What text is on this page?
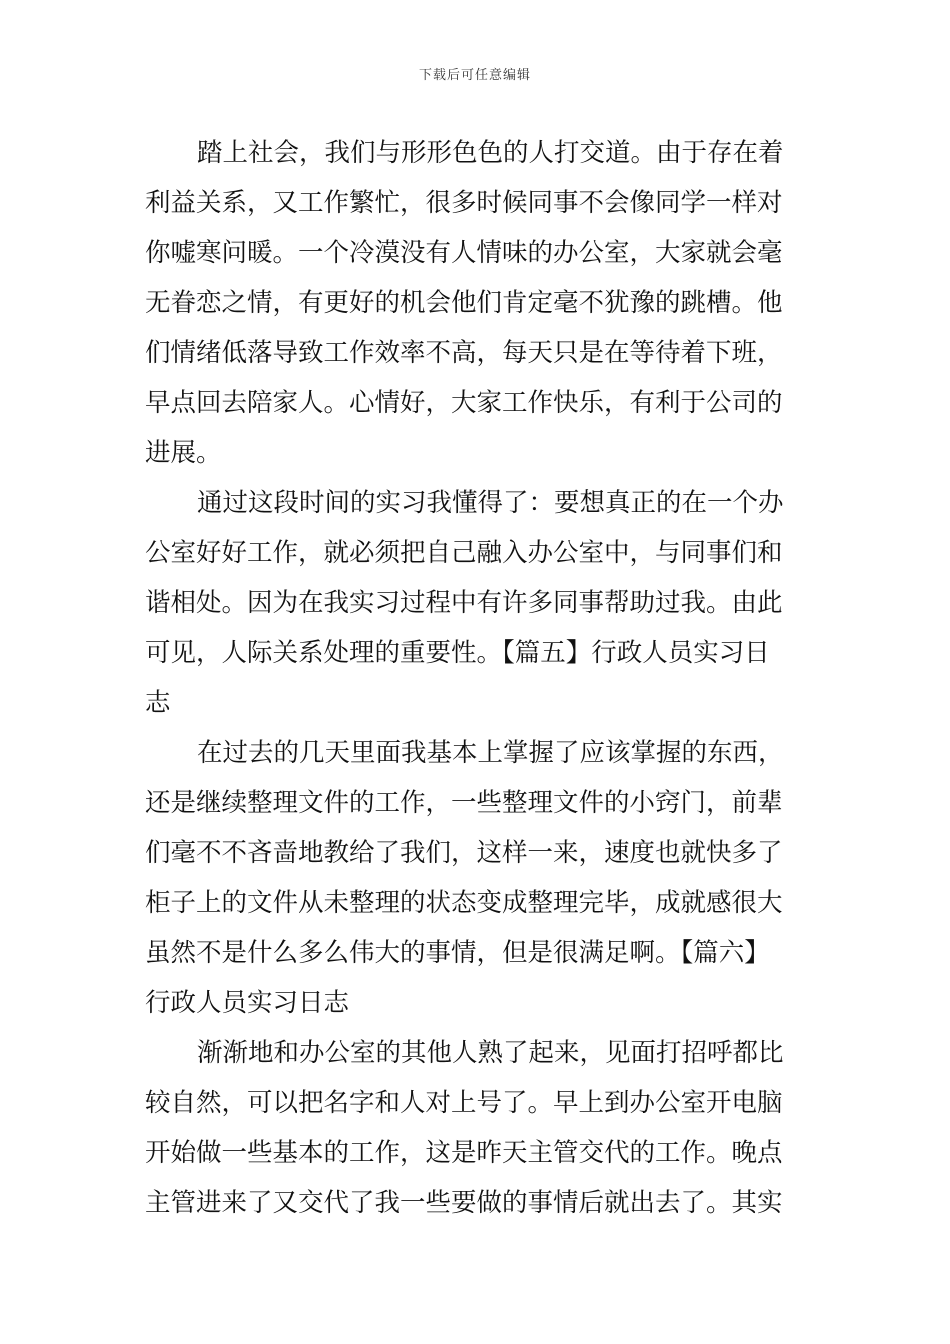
下载后可任意编辑
踏上社会，我们与形形色色的人打交道。由于存在着
利益关系，又工作繁忙，很多时候同事不会像同学一样对
你嘘寒问暖。一个冷漠没有人情味的办公室，大家就会毫
无眷恋之情，有更好的机会他们肯定毫不犹豫的跳槽。他
们情绪低落导致工作效率不高，每天只是在等待着下班，
早点回去陪家人。心情好，大家工作快乐，有利于公司的
进展。
通过这段时间的实习我懂得了：要想真正的在一个办
公室好好工作，就必须把自己融入办公室中，与同事们和
谐相处。因为在我实习过程中有许多同事帮助过我。由此
可见，人际关系处理的重要性。【篇五】行政人员实习日
志
在过去的几天里面我基本上掌握了应该掌握的东西，
还是继续整理文件的工作，一些整理文件的小窍门，前辈
们毫不不吝啬地教给了我们，这样一来，速度也就快多了
柜子上的文件从未整理的状态变成整理完毕，成就感很大
虽然不是什么多么伟大的事情，但是很满足啊。【篇六】
行政人员实习日志
渐渐地和办公室的其他人熟了起来，见面打招呼都比
较自然，可以把名字和人对上号了。早上到办公室开电脑
开始做一些基本的工作，这是昨天主管交代的工作。晚点
主管进来了又交代了我一些要做的事情后就出去了。其实
